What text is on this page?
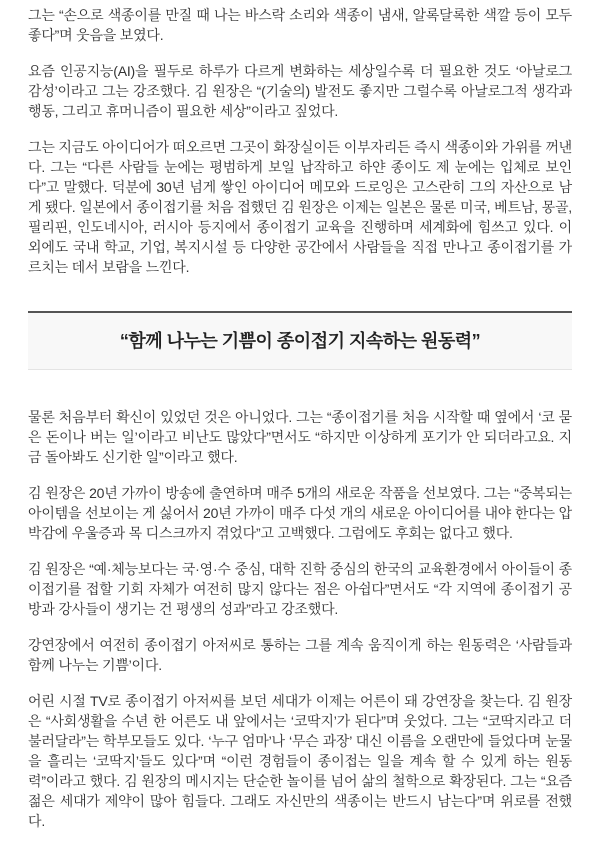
그는 “손으로 색종이를 만질 때 나는 바스락 소리와 색종이 냄새, 알록달록한 색깔 등이 모두 좋다”며 웃음을 보였다.

요즘 인공지능(AI)을 필두로 하루가 다르게 변화하는 세상일수록 더 필요한 것도 ‘아날로그 감성’이라고 그는 강조했다. 김 원장은 “(기술의) 발전도 좋지만 그럴수록 아날로그적 생각과 행동, 그리고 휴머니즘이 필요한 세상”이라고 짚었다.

그는 지금도 아이디어가 떠오르면 그곳이 화장실이든 이부자리든 즉시 색종이와 가위를 꺼낸다. 그는 “다른 사람들 눈에는 평범하게 보일 납작하고 하얀 종이도 제 눈에는 입체로 보인다”고 말했다. 덕분에 30년 넘게 쌓인 아이디어 메모와 드로잉은 고스란히 그의 자산으로 남게 됐다. 일본에서 종이접기를 처음 접했던 김 원장은 이제는 일본은 물론 미국, 베트남, 몽골, 필리핀, 인도네시아, 러시아 등지에서 종이접기 교육을 진행하며 세계화에 힘쓰고 있다. 이 외에도 국내 학교, 기업, 복지시설 등 다양한 공간에서 사람들을 직접 만나고 종이접기를 가르치는 데서 보람을 느낀다.

“함께 나누는 기쁨이 종이접기 지속하는 원동력”

물론 처음부터 확신이 있었던 것은 아니었다. 그는 “종이접기를 처음 시작할 때 옆에서 ‘코 묻은 돈이나 버는 일’이라고 비난도 많았다”면서도 “하지만 이상하게 포기가 안 되더라고요. 지금 돌아봐도 신기한 일”이라고 했다.

김 원장은 20년 가까이 방송에 출연하며 매주 5개의 새로운 작품을 선보였다. 그는 “중복되는 아이템을 선보이는 게 싫어서 20년 가까이 매주 다섯 개의 새로운 아이디어를 내야 한다는 압박감에 우울증과 목 디스크까지 겪었다”고 고백했다. 그럼에도 후회는 없다고 했다.

김 원장은 “예·체능보다는 국·영·수 중심, 대학 진학 중심의 한국의 교육환경에서 아이들이 종이접기를 접할 기회 자체가 여전히 많지 않다는 점은 아쉽다”면서도 “각 지역에 종이접기 공방과 강사들이 생기는 건 평생의 성과”라고 강조했다.

강연장에서 여전히 종이접기 아저씨로 통하는 그를 계속 움직이게 하는 원동력은 ‘사람들과 함께 나누는 기쁨’이다.

어린 시절 TV로 종이접기 아저씨를 보던 세대가 이제는 어른이 돼 강연장을 찾는다. 김 원장은 “사회생활을 수년 한 어른도 내 앞에서는 ‘코딱지’가 된다”며 웃었다. 그는 “코딱지라고 더 불러달라”는 학부모들도 있다. ‘누구 엄마’나 ‘무슨 과장’ 대신 이름을 오랜만에 들었다며 눈물을 흘리는 ‘코딱지’들도 있다”며 “이런 경험들이 종이접는 일을 계속 할 수 있게 하는 원동력”이라고 했다. 김 원장의 메시지는 단순한 놀이를 넘어 삶의 철학으로 확장된다. 그는 “요즘 젊은 세대가 제약이 많아 힘들다. 그래도 자신만의 색종이는 반드시 남는다”며 위로를 전했다.
